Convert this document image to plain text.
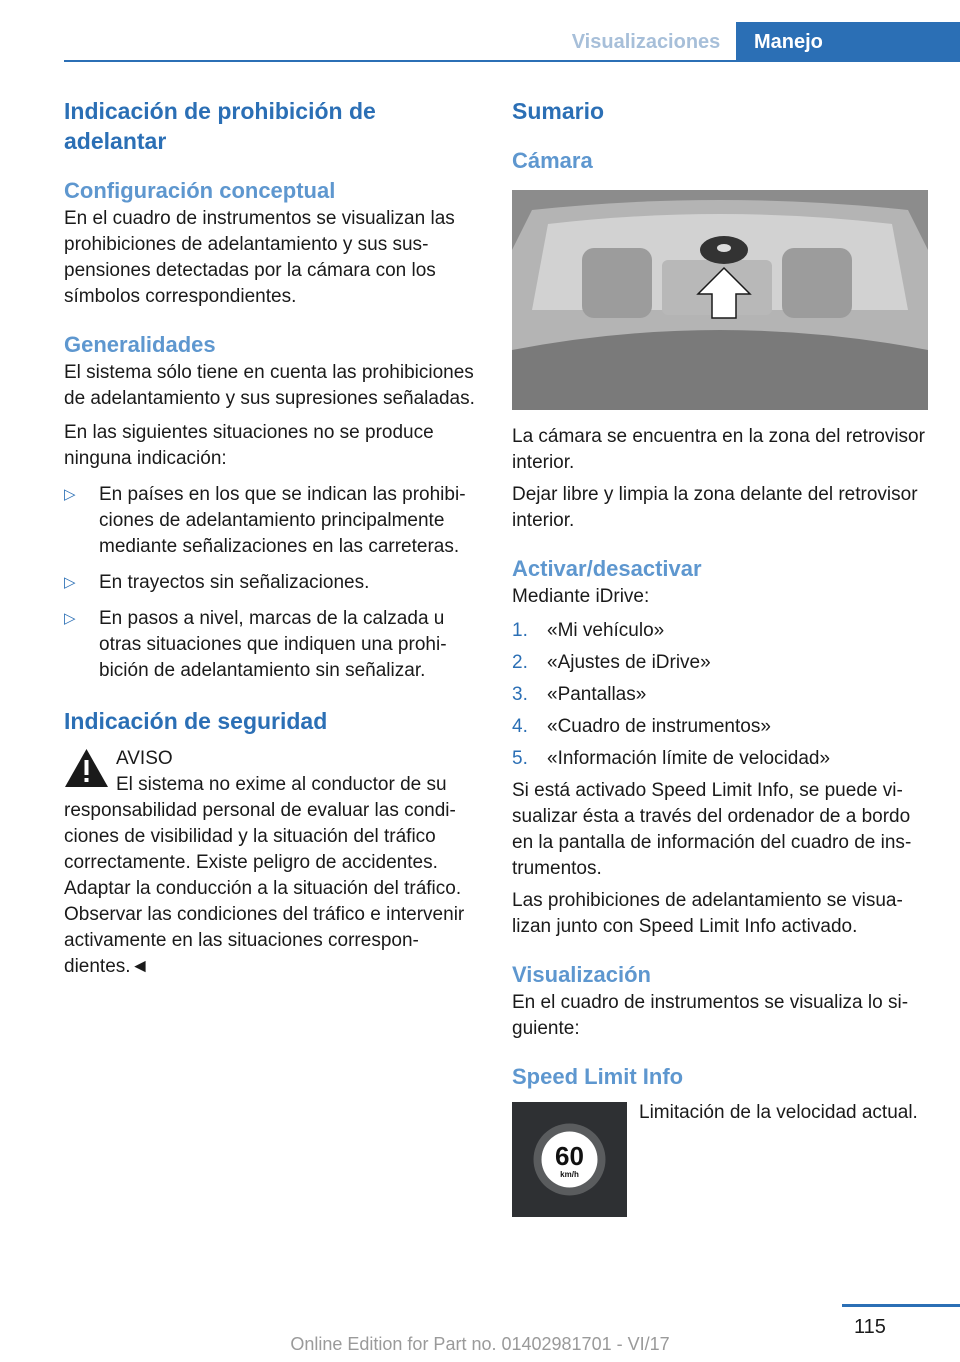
Visualizaciones	Manejo
Indicación de prohibición de adelantar
Configuración conceptual

En el cuadro de instrumentos se visualizan las prohibiciones de adelantamiento y sus suspensiones detectadas por la cámara con los símbolos correspondientes.

Generalidades

El sistema sólo tiene en cuenta las prohibiciones de adelantamiento y sus supresiones señaladas.

En las siguientes situaciones no se produce ninguna indicación:

▷ En países en los que se indican las prohibiciones de adelantamiento principalmente mediante señalizaciones en las carreteras.
▷ En trayectos sin señalizaciones.
▷ En pasos a nivel, marcas de la calzada u otras situaciones que indiquen una prohibición de adelantamiento sin señalizar.
Indicación de seguridad

AVISO

El sistema no exime al conductor de su responsabilidad personal de evaluar las condiciones de visibilidad y la situación del tráfico correctamente. Existe peligro de accidentes. Adaptar la conducción a la situación del tráfico. Observar las condiciones del tráfico e intervenir activamente en las situaciones correspondientes.◄

Sumario
Cámara

La cámara se encuentra en la zona del retrovisor interior.

Dejar libre y limpia la zona delante del retrovisor interior.

Activar/desactivar

Mediante iDrive:

1. «Mi vehículo»
2. «Ajustes de iDrive»
3. «Pantallas»
4. «Cuadro de instrumentos»
5. «Información límite de velocidad»

Si está activado Speed Limit Info, se puede visualizar ésta a través del ordenador de a bordo en la pantalla de información del cuadro de instrumentos.

Las prohibiciones de adelantamiento se visualizan junto con Speed Limit Info activado.

Visualización

En el cuadro de instrumentos se visualiza lo siguiente:

Speed Limit Info
60
km/h

Limitación de la velocidad actual.

115
Online Edition for Part no. 01402981701 - VI/17
